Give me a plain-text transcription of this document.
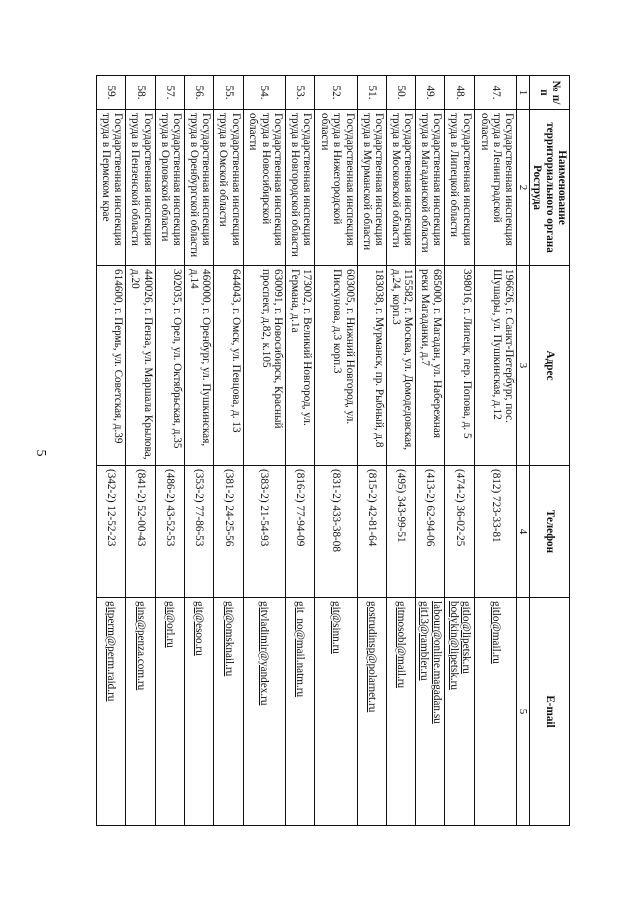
5
№ п/п	Наименование территориального органа Роструда	Адрес	Телефон	E-mail
1	2	3	4	5
47.	Государственная инспекция труда в Ленинградской области	196626, г. Санкт-Петербург, пос. Шушары, ул. Пушкинская, д.12	(812) 723-33-81	gitlo@mail.ru

48.	Государственная инспекция труда в Липецкой области	398016, г. Липецк, пер. Попова, д. 5	(474-2) 36-02-25	gitlo@lipetsk.ru
bodykin@lipetsk.ru

49.	Государственная инспекция труда в Магаданской области	685000, г. Магадан, ул. Набережная реки Магаданки, д.7	(413-2) 62-94-06	labour@online.magadan.su
git13@rambler.ru

50.	Государственная инспекция труда в Московской области	115582, г. Москва, ул. Домодедовская, д.24, корп.3	(495) 343-99-51	gitmosobl@mail.ru

51.	Государственная инспекция труда в Мурманской области	183038, г. Мурманск, пр. Рыбный, д.8	(815-2) 42-81-64	gostrudinsp@polarnet.ru

52.	Государственная инспекция труда в Нижегородской области	603005, г. Нижний Новгород, ул. Пискунова, д.3 корп.3	(831-2) 433-38-08	git@sinn.ru

53.	Государственная инспекция труда в Новгородской области	173002, г. Великий Новгород, ул. Германа, д.1а	(816-2) 77-94-09	git_no@mail.natm.ru

54.	Государственная инспекция труда в Новосибирской области	630091, г. Новосибирск, Красный проспект, д.82, к.105	(383-2) 21-54-93	gitvladimir@yandex.ru

55.	Государственная инспекция труда в Омской области	644043, г. Омск, ул. Певцова, д. 13	(381-2) 24-25-56	git@omsknail.ru

56.	Государственная инспекция труда в Оренбургской области	460000, г. Оренбург, ул. Пушкинская, д.14	(353-2) 77-86-53	git@esoo.ru

57.	Государственная инспекция труда в Орловской области	302035, г. Орел, ул. Октябрьская, д.35	(486-2) 43-52-53	git@orl.ru

58.	Государственная инспекция труда в Пензенской области	440026, г. Пенза, ул. Маршала Крылова, д.20	(841-2) 52-00-43	gins@penza.com.ru

59.	Государственная инспекция труда в Пермском крае	614600, г. Пермь, ул. Советская, д.39	(342-2) 12-52-23	gitperm@perm.raid.ru
